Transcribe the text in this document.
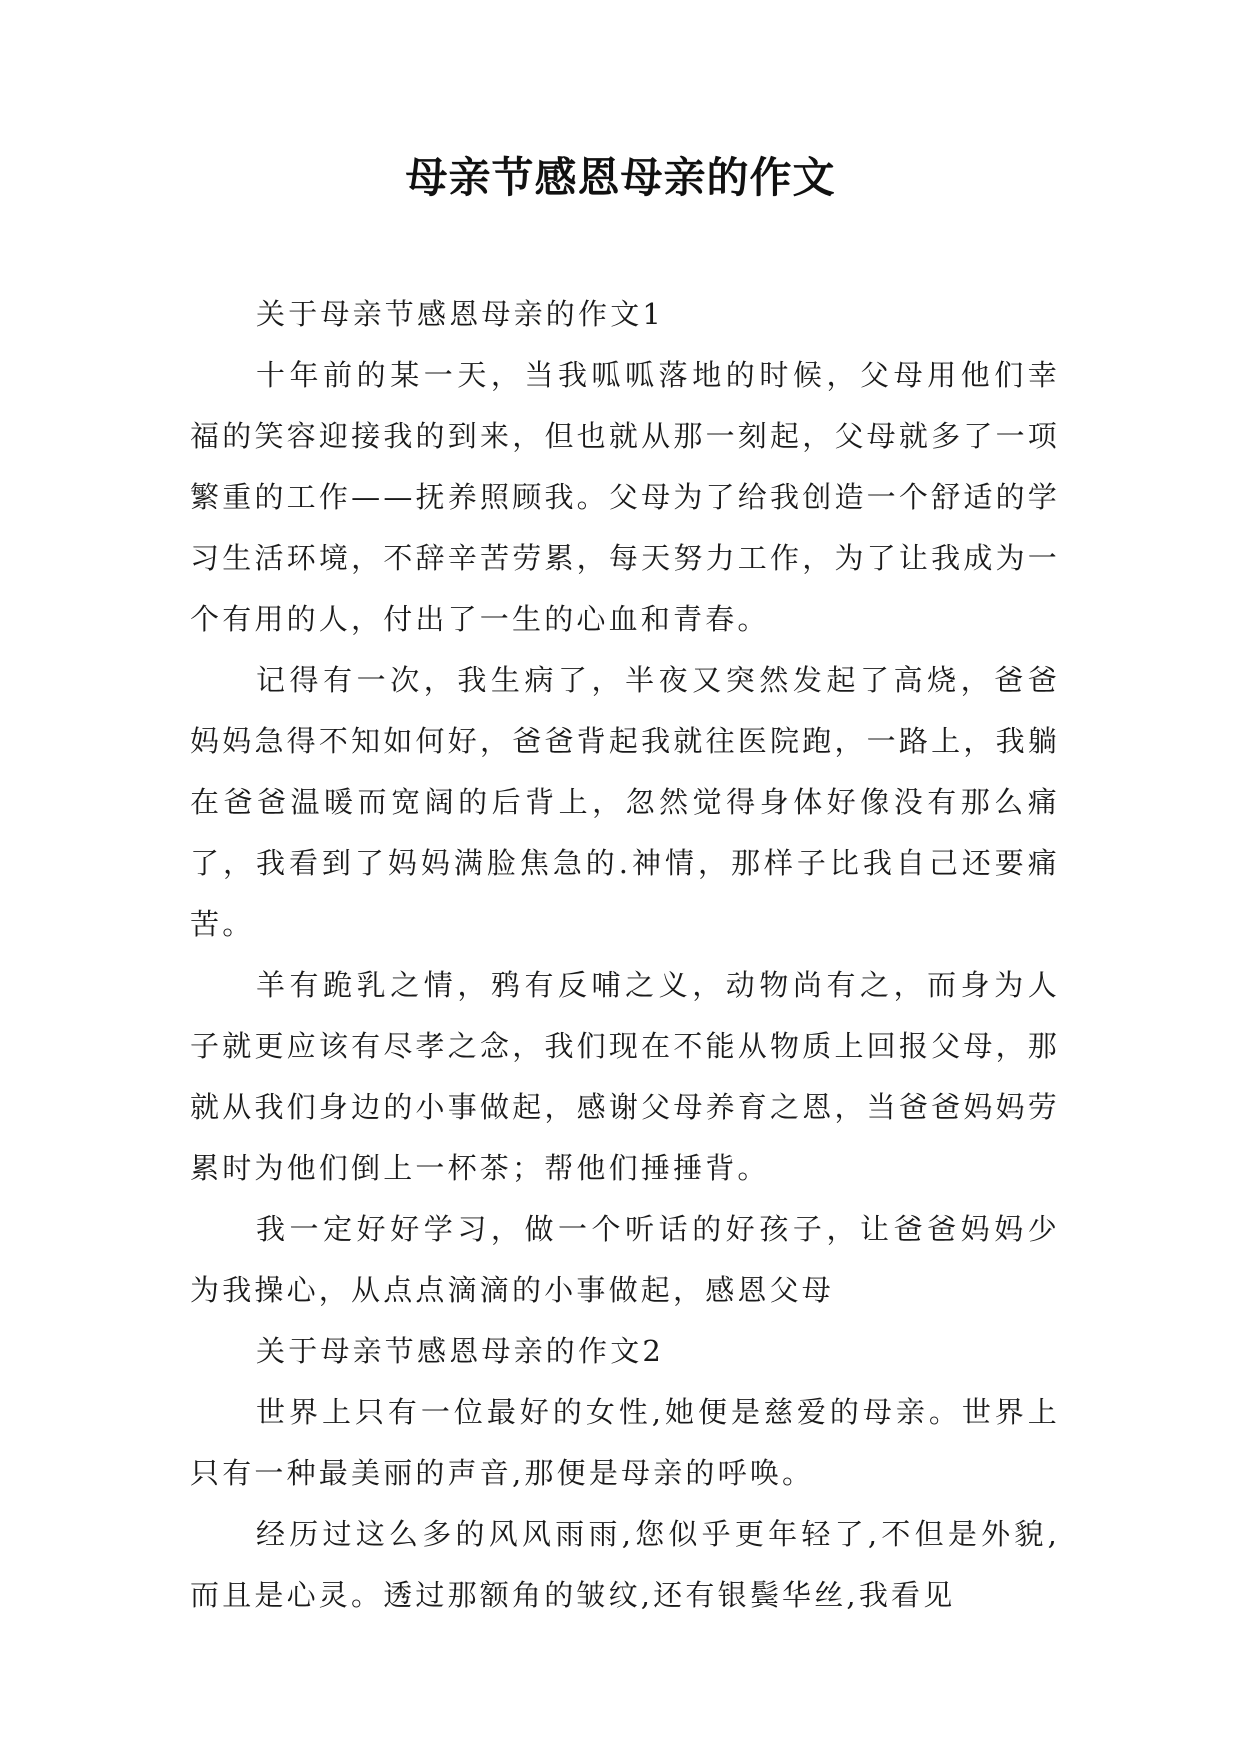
母亲节感恩母亲的作文

关于母亲节感恩母亲的作文1

十年前的某一天，当我呱呱落地的时候，父母用他们幸福的笑容迎接我的到来，但也就从那一刻起，父母就多了一项繁重的工作——抚养照顾我。父母为了给我创造一个舒适的学习生活环境，不辞辛苦劳累，每天努力工作，为了让我成为一个有用的人，付出了一生的心血和青春。

记得有一次，我生病了，半夜又突然发起了高烧，爸爸妈妈急得不知如何好，爸爸背起我就往医院跑，一路上，我躺在爸爸温暖而宽阔的后背上，忽然觉得身体好像没有那么痛了，我看到了妈妈满脸焦急的.神情，那样子比我自己还要痛苦。

羊有跪乳之情，鸦有反哺之义，动物尚有之，而身为人子就更应该有尽孝之念，我们现在不能从物质上回报父母，那就从我们身边的小事做起，感谢父母养育之恩，当爸爸妈妈劳累时为他们倒上一杯茶；帮他们捶捶背。

我一定好好学习，做一个听话的好孩子，让爸爸妈妈少为我操心，从点点滴滴的小事做起，感恩父母

关于母亲节感恩母亲的作文2

世界上只有一位最好的女性,她便是慈爱的母亲。世界上只有一种最美丽的声音,那便是母亲的呼唤。

经历过这么多的风风雨雨,您似乎更年轻了,不但是外貌,而且是心灵。透过那额角的皱纹,还有银鬓华丝,我看见
